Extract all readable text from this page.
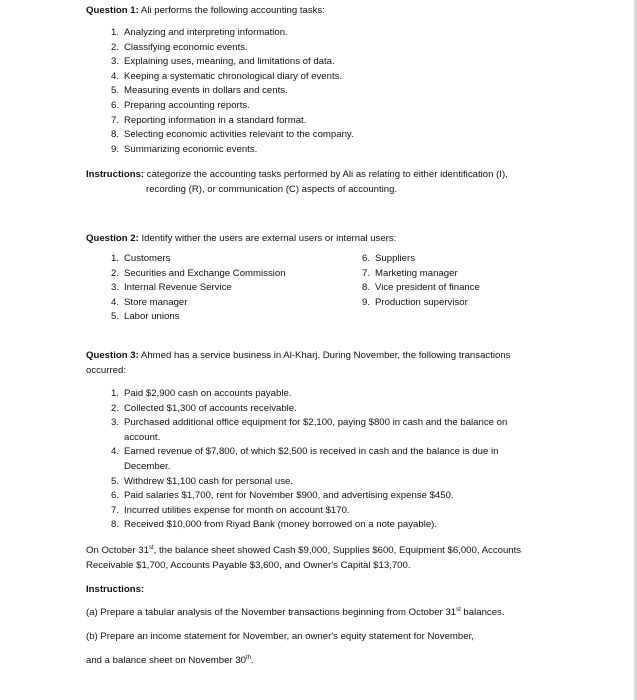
Question 1: Ali performs the following accounting tasks:
1. Analyzing and interpreting information.
2. Classifying economic events.
3. Explaining uses, meaning, and limitations of data.
4. Keeping a systematic chronological diary of events.
5. Measuring events in dollars and cents.
6. Preparing accounting reports.
7. Reporting information in a standard format.
8. Selecting economic activities relevant to the company.
9. Summarizing economic events.
Instructions: categorize the accounting tasks performed by Ali as relating to either identification (I),
recording (R), or communication (C) aspects of accounting.
Question 2: Identify wither the users are external users or internal users:
1. Customers
2. Securities and Exchange Commission
3. Internal Revenue Service
4. Store manager
5. Labor unions
6. Suppliers
7. Marketing manager
8. Vice president of finance
9. Production supervisor
Question 3: Ahmed has a service business in Al-Kharj. During November, the following transactions
occurred:
1. Paid $2,900 cash on accounts payable.
2. Collected $1,300 of accounts receivable.
3. Purchased additional office equipment for $2,100, paying $800 in cash and the balance on account.
4. Earned revenue of $7,800, of which $2,500 is received in cash and the balance is due in December.
5. Withdrew $1,100 cash for personal use.
6. Paid salaries $1,700, rent for November $900, and advertising expense $450.
7. Incurred utilities expense for month on account $170.
8. Received $10,000 from Riyad Bank (money borrowed on a note payable).
On October 31st, the balance sheet showed Cash $9,000, Supplies $600, Equipment $6,000, Accounts
Receivable $1,700, Accounts Payable $3,600, and Owner's Capital $13,700.
Instructions:
(a) Prepare a tabular analysis of the November transactions beginning from October 31st balances.
(b) Prepare an income statement for November, an owner's equity statement for November,
and a balance sheet on November 30th.
